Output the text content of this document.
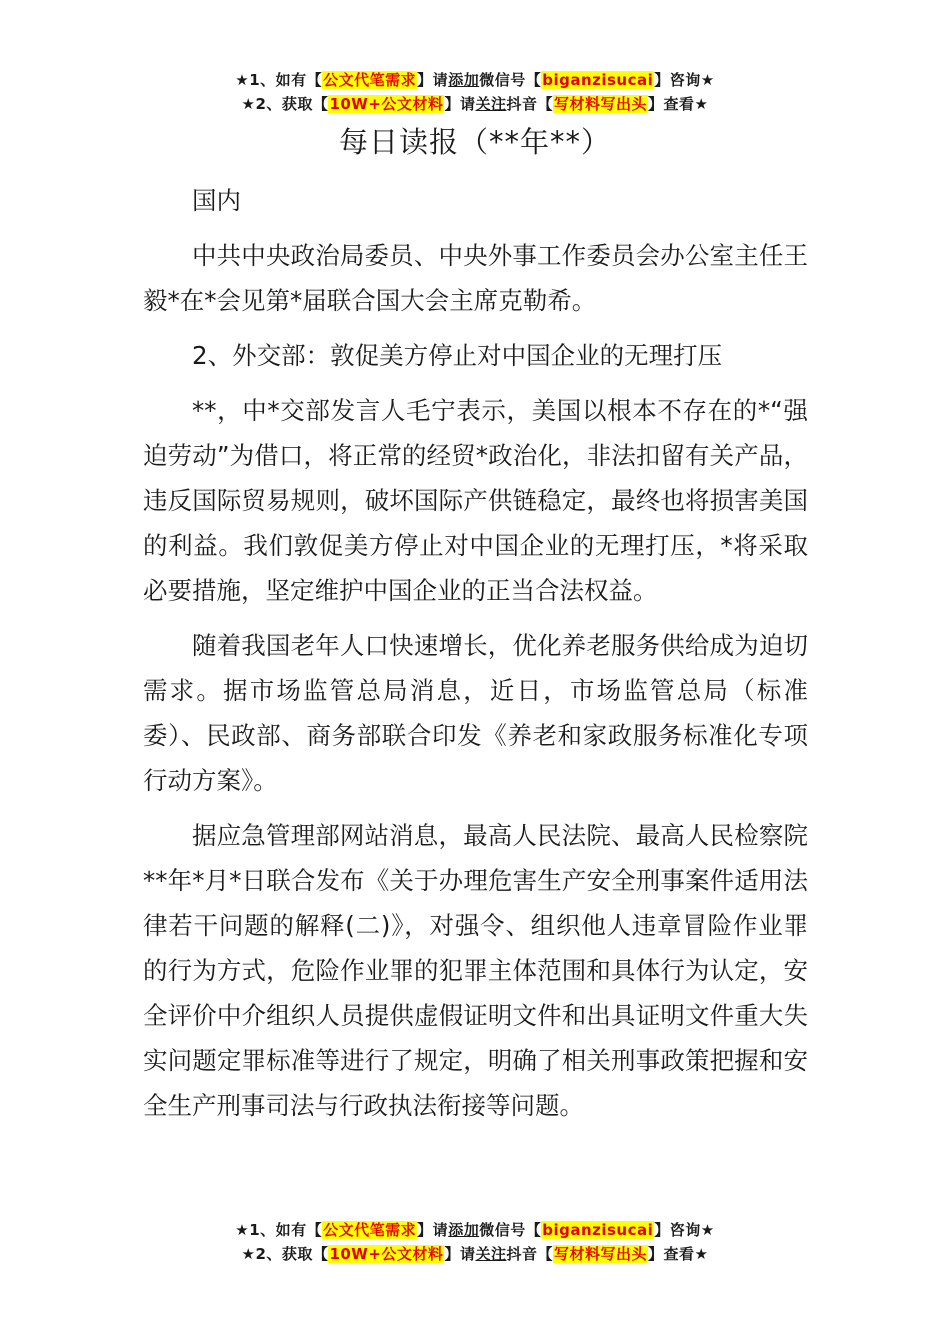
★1、如有【公文代笔需求】请添加微信号【biganzisucai】咨询★
★2、获取【10W+公文材料】请关注抖音【写材料写出头】查看★
每日读报（**年**）

国内

中共中央政治局委员、中央外事工作委员会办公室主任王毅*在*会见第*届联合国大会主席克勒希。

2、外交部：敦促美方停止对中国企业的无理打压

**，中*交部发言人毛宁表示，美国以根本不存在的*“强迫劳动”为借口，将正常的经贸*政治化，非法扣留有关产品，违反国际贸易规则，破坏国际产供链稳定，最终也将损害美国的利益。我们敦促美方停止对中国企业的无理打压，*将采取必要措施，坚定维护中国企业的正当合法权益。

随着我国老年人口快速增长，优化养老服务供给成为迫切需求。据市场监管总局消息，近日，市场监管总局（标准委）、民政部、商务部联合印发《养老和家政服务标准化专项行动方案》。

据应急管理部网站消息，最高人民法院、最高人民检察院**年*月*日联合发布《关于办理危害生产安全刑事案件适用法律若干问题的解释(二)》，对强令、组织他人违章冒险作业罪的行为方式，危险作业罪的犯罪主体范围和具体行为认定，安全评价中介组织人员提供虚假证明文件和出具证明文件重大失实问题定罪标准等进行了规定，明确了相关刑事政策把握和安全生产刑事司法与行政执法衔接等问题。

★1、如有【公文代笔需求】请添加微信号【biganzisucai】咨询★
★2、获取【10W+公文材料】请关注抖音【写材料写出头】查看★
